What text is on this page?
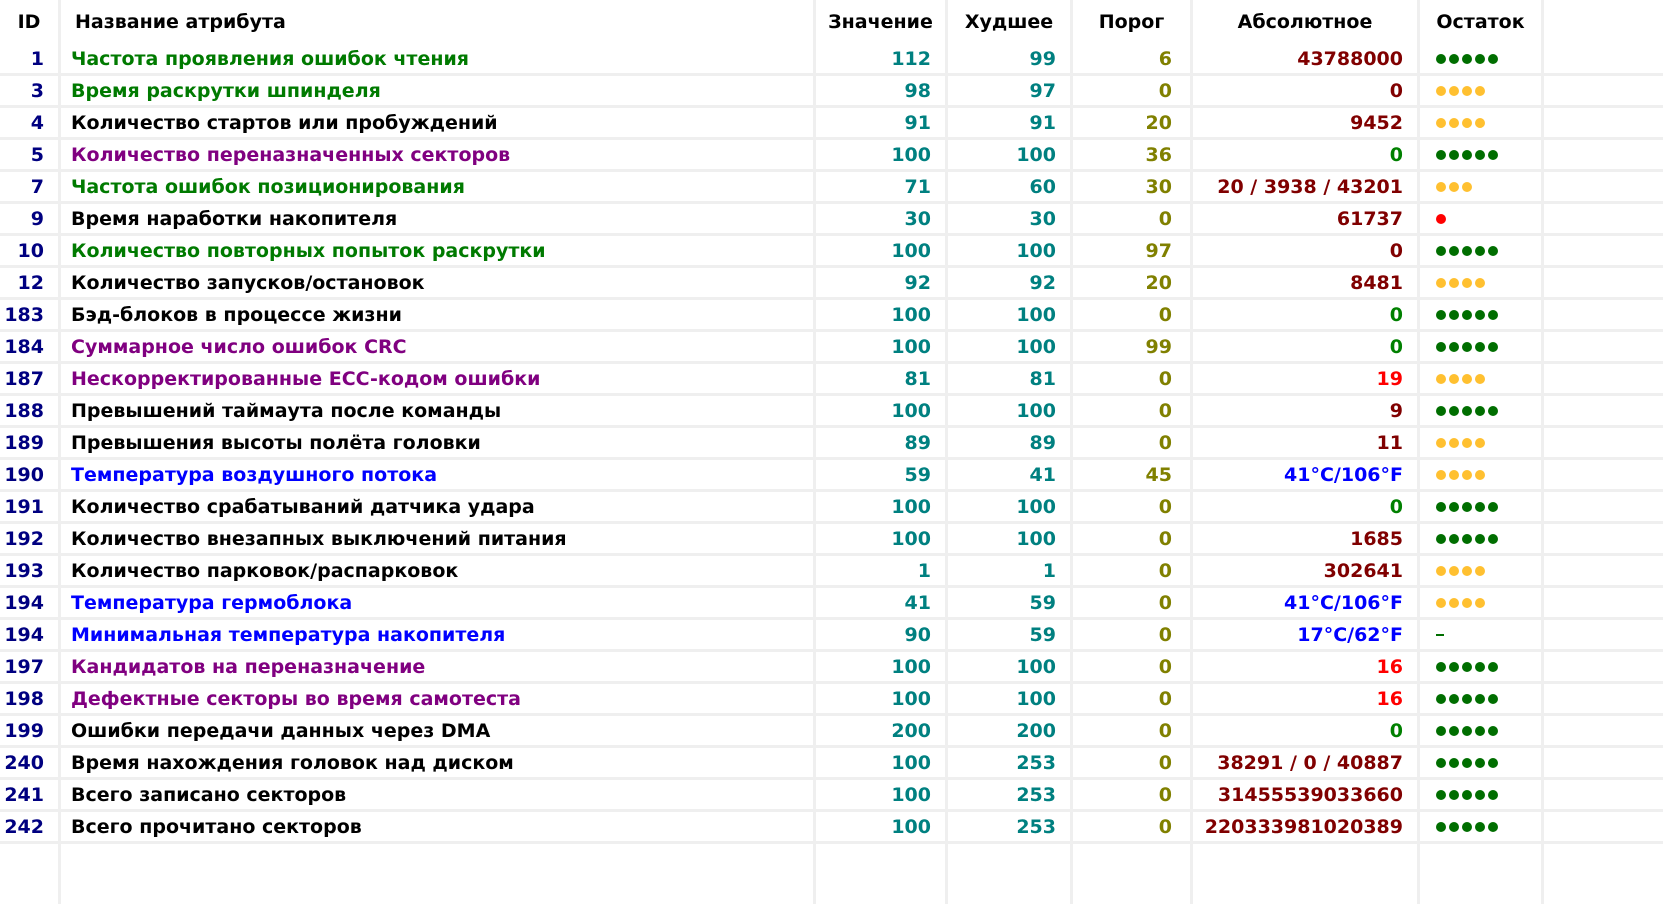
ID	Название атрибута	Значение	Худшее	Порог	Абсолютное	Остаток
1	Частота проявления ошибок чтения	112	99	6	43788000
3	Время раскрутки шпинделя	98	97	0	0
4	Количество стартов или пробуждений	91	91	20	9452
5	Количество переназначенных секторов	100	100	36	0
7	Частота ошибок позиционирования	71	60	30	20 / 3938 / 43201
9	Время наработки накопителя	30	30	0	61737
10	Количество повторных попыток раскрутки	100	100	97	0
12	Количество запусков/остановок	92	92	20	8481
183	Бэд-блоков в процессе жизни	100	100	0	0
184	Суммарное число ошибок CRC	100	100	99	0
187	Нескорректированные ECC-кодом ошибки	81	81	0	19
188	Превышений таймаута после команды	100	100	0	9
189	Превышения высоты полёта головки	89	89	0	11
190	Температура воздушного потока	59	41	45	41°C/106°F
191	Количество срабатываний датчика удара	100	100	0	0
192	Количество внезапных выключений питания	100	100	0	1685
193	Количество парковок/распарковок	1	1	0	302641
194	Температура гермоблока	41	59	0	41°C/106°F
194	Минимальная температура накопителя	90	59	0	17°C/62°F
197	Кандидатов на переназначение	100	100	0	16
198	Дефектные секторы во время самотеста	100	100	0	16
199	Ошибки передачи данных через DMA	200	200	0	0
240	Время нахождения головок над диском	100	253	0	38291 / 0 / 40887
241	Всего записано секторов	100	253	0	31455539033660
242	Всего прочитано секторов	100	253	0	220333981020389
